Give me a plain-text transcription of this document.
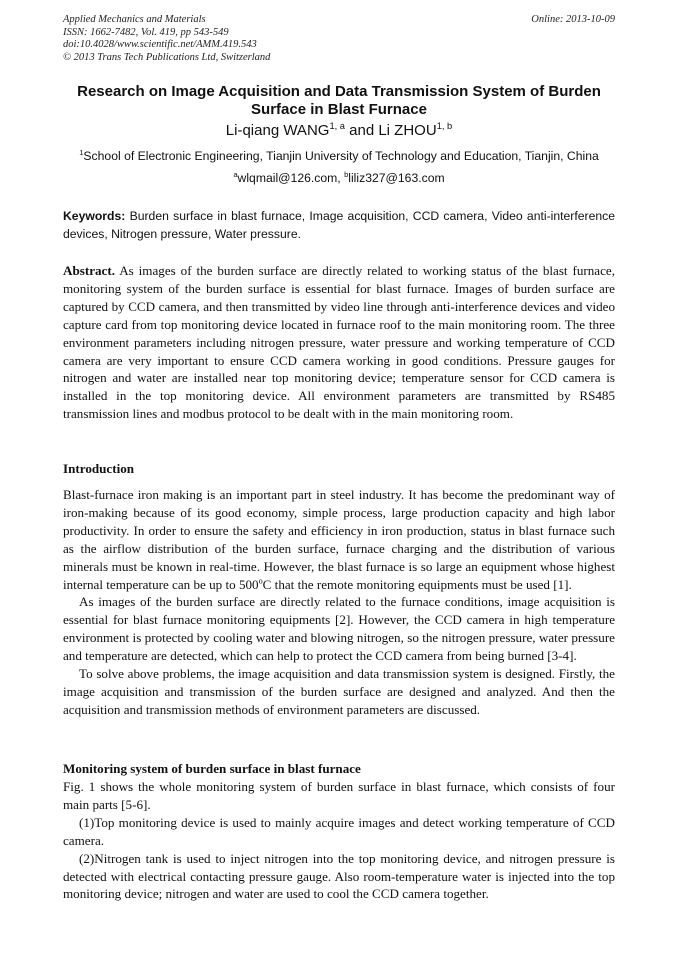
Applied Mechanics and Materials
ISSN: 1662-7482, Vol. 419, pp 543-549
doi:10.4028/www.scientific.net/AMM.419.543
© 2013 Trans Tech Publications Ltd, Switzerland
Online: 2013-10-09
Research on Image Acquisition and Data Transmission System of Burden Surface in Blast Furnace
Li-qiang WANG$^{1, a}$ and Li ZHOU$^{1, b}$
$^1$School of Electronic Engineering, Tianjin University of Technology and Education, Tianjin, China
$^a$wlqmail@126.com, $^b$liliz327@163.com

Keywords: Burden surface in blast furnace, Image acquisition, CCD camera, Video anti-interference devices, Nitrogen pressure, Water pressure.

Abstract. As images of the burden surface are directly related to working status of the blast furnace, monitoring system of the burden surface is essential for blast furnace. Images of burden surface are captured by CCD camera, and then transmitted by video line through anti-interference devices and video capture card from top monitoring device located in furnace roof to the main monitoring room. The three environment parameters including nitrogen pressure, water pressure and working temperature of CCD camera are very important to ensure CCD camera working in good conditions. Pressure gauges for nitrogen and water are installed near top monitoring device; temperature sensor for CCD camera is installed in the top monitoring device. All environment parameters are transmitted by RS485 transmission lines and modbus protocol to be dealt with in the main monitoring room.

Introduction

Blast-furnace iron making is an important part in steel industry. It has become the predominant way of iron-making because of its good economy, simple process, large production capacity and high labor productivity. In order to ensure the safety and efficiency in iron production, status in blast furnace such as the airflow distribution of the burden surface, furnace charging and the distribution of various minerals must be known in real-time. However, the blast furnace is so large an equipment whose highest internal temperature can be up to 500$^o$C that the remote monitoring equipments must be used [1].

As images of the burden surface are directly related to the furnace conditions, image acquisition is essential for blast furnace monitoring equipments [2]. However, the CCD camera in high temperature environment is protected by cooling water and blowing nitrogen, so the nitrogen pressure, water pressure and temperature are detected, which can help to protect the CCD camera from being burned [3-4].

To solve above problems, the image acquisition and data transmission system is designed. Firstly, the image acquisition and transmission of the burden surface are designed and analyzed. And then the acquisition and transmission methods of environment parameters are discussed.

Monitoring system of burden surface in blast furnace

Fig. 1 shows the whole monitoring system of burden surface in blast furnace, which consists of four main parts [5-6].

(1)Top monitoring device is used to mainly acquire images and detect working temperature of CCD camera.

(2)Nitrogen tank is used to inject nitrogen into the top monitoring device, and nitrogen pressure is detected with electrical contacting pressure gauge. Also room-temperature water is injected into the top monitoring device; nitrogen and water are used to cool the CCD camera together.
